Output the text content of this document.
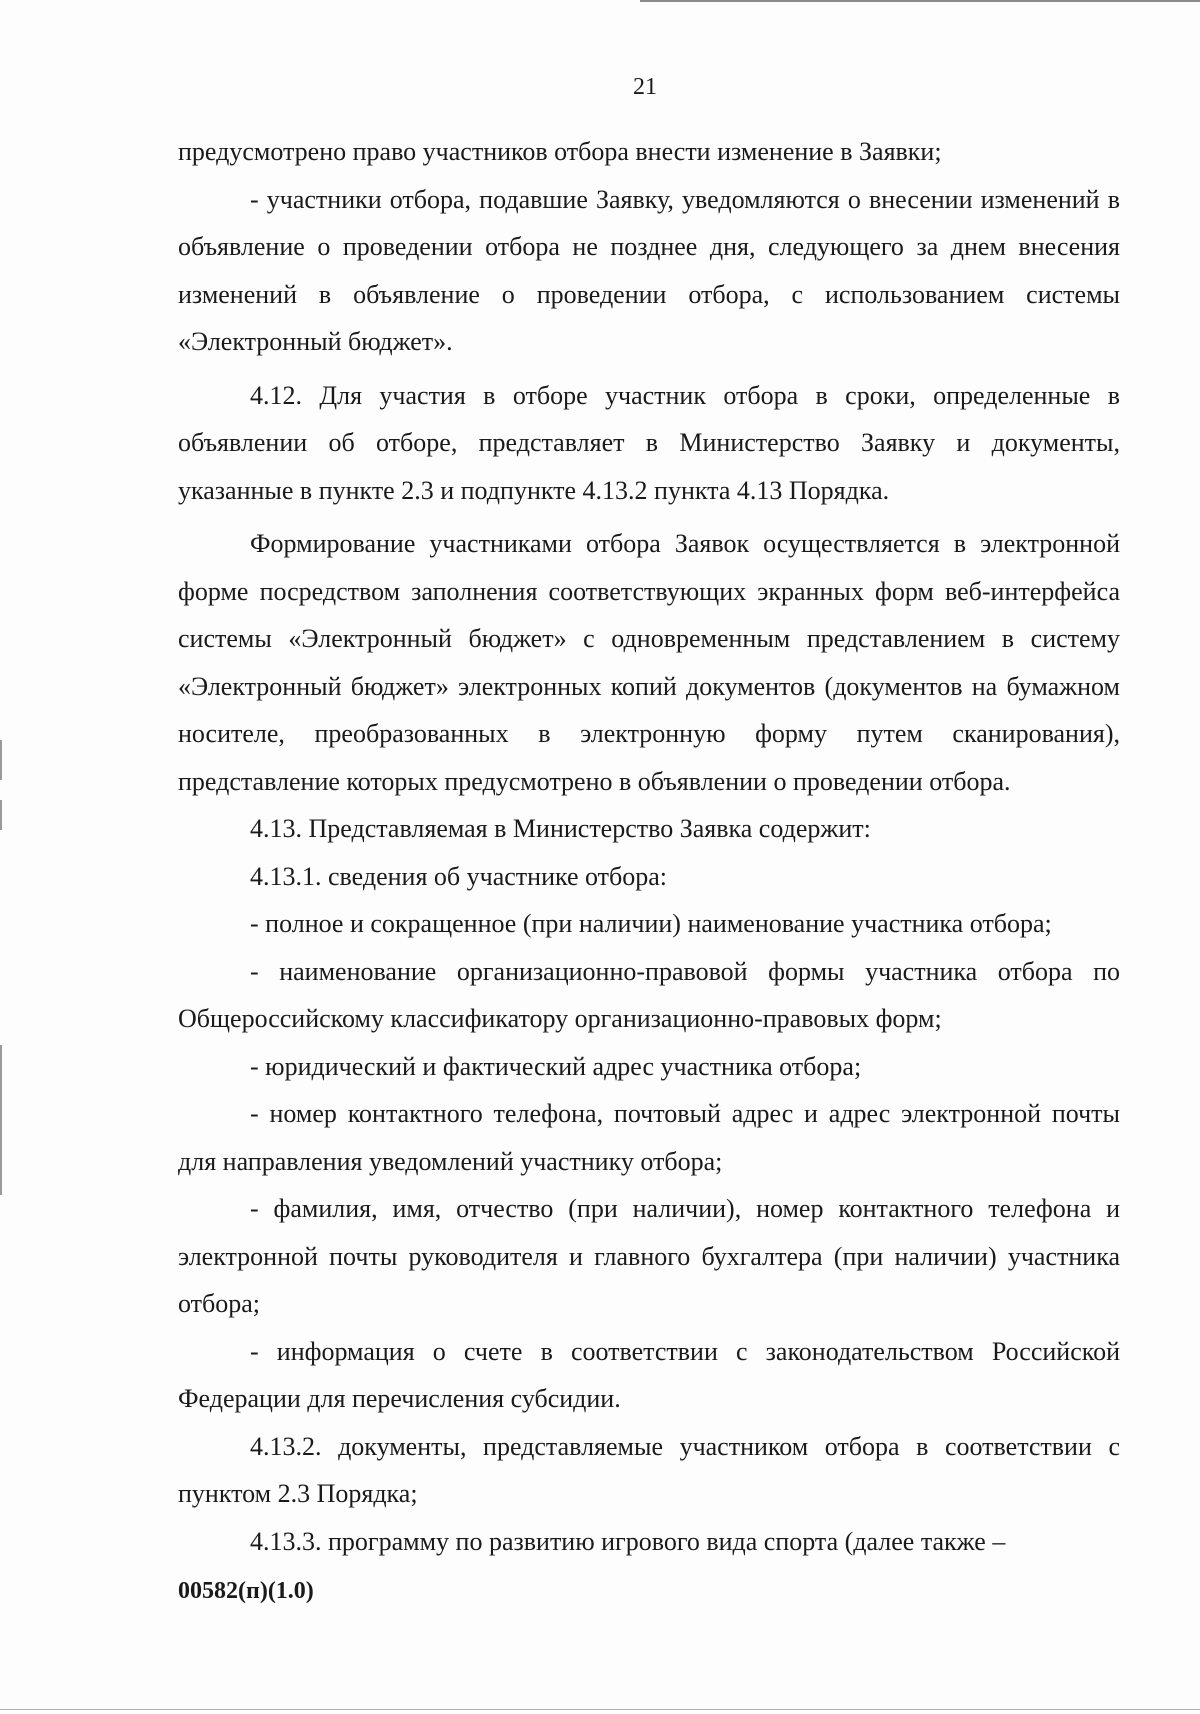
21

предусмотрено право участников отбора внести изменение в Заявки;

- участники отбора, подавшие Заявку, уведомляются о внесении изменений в объявление о проведении отбора не позднее дня, следующего за днем внесения изменений в объявление о проведении отбора, с использованием системы «Электронный бюджет».

4.12. Для участия в отборе участник отбора в сроки, определенные в объявлении об отборе, представляет в Министерство Заявку и документы, указанные в пункте 2.3 и подпункте 4.13.2 пункта 4.13 Порядка.

Формирование участниками отбора Заявок осуществляется в электронной форме посредством заполнения соответствующих экранных форм веб-интерфейса системы «Электронный бюджет» с одновременным представлением в систему «Электронный бюджет» электронных копий документов (документов на бумажном носителе, преобразованных в электронную форму путем сканирования), представление которых предусмотрено в объявлении о проведении отбора.

4.13. Представляемая в Министерство Заявка содержит:

4.13.1. сведения об участнике отбора:

- полное и сокращенное (при наличии) наименование участника отбора;

- наименование организационно-правовой формы участника отбора по Общероссийскому классификатору организационно-правовых форм;

- юридический и фактический адрес участника отбора;

- номер контактного телефона, почтовый адрес и адрес электронной почты для направления уведомлений участнику отбора;

- фамилия, имя, отчество (при наличии), номер контактного телефона и электронной почты руководителя и главного бухгалтера (при наличии) участника отбора;

- информация о счете в соответствии с законодательством Российской Федерации для перечисления субсидии.

4.13.2. документы, представляемые участником отбора в соответствии с пунктом 2.3 Порядка;

4.13.3. программу по развитию игрового вида спорта (далее также –

00582(п)(1.0)
